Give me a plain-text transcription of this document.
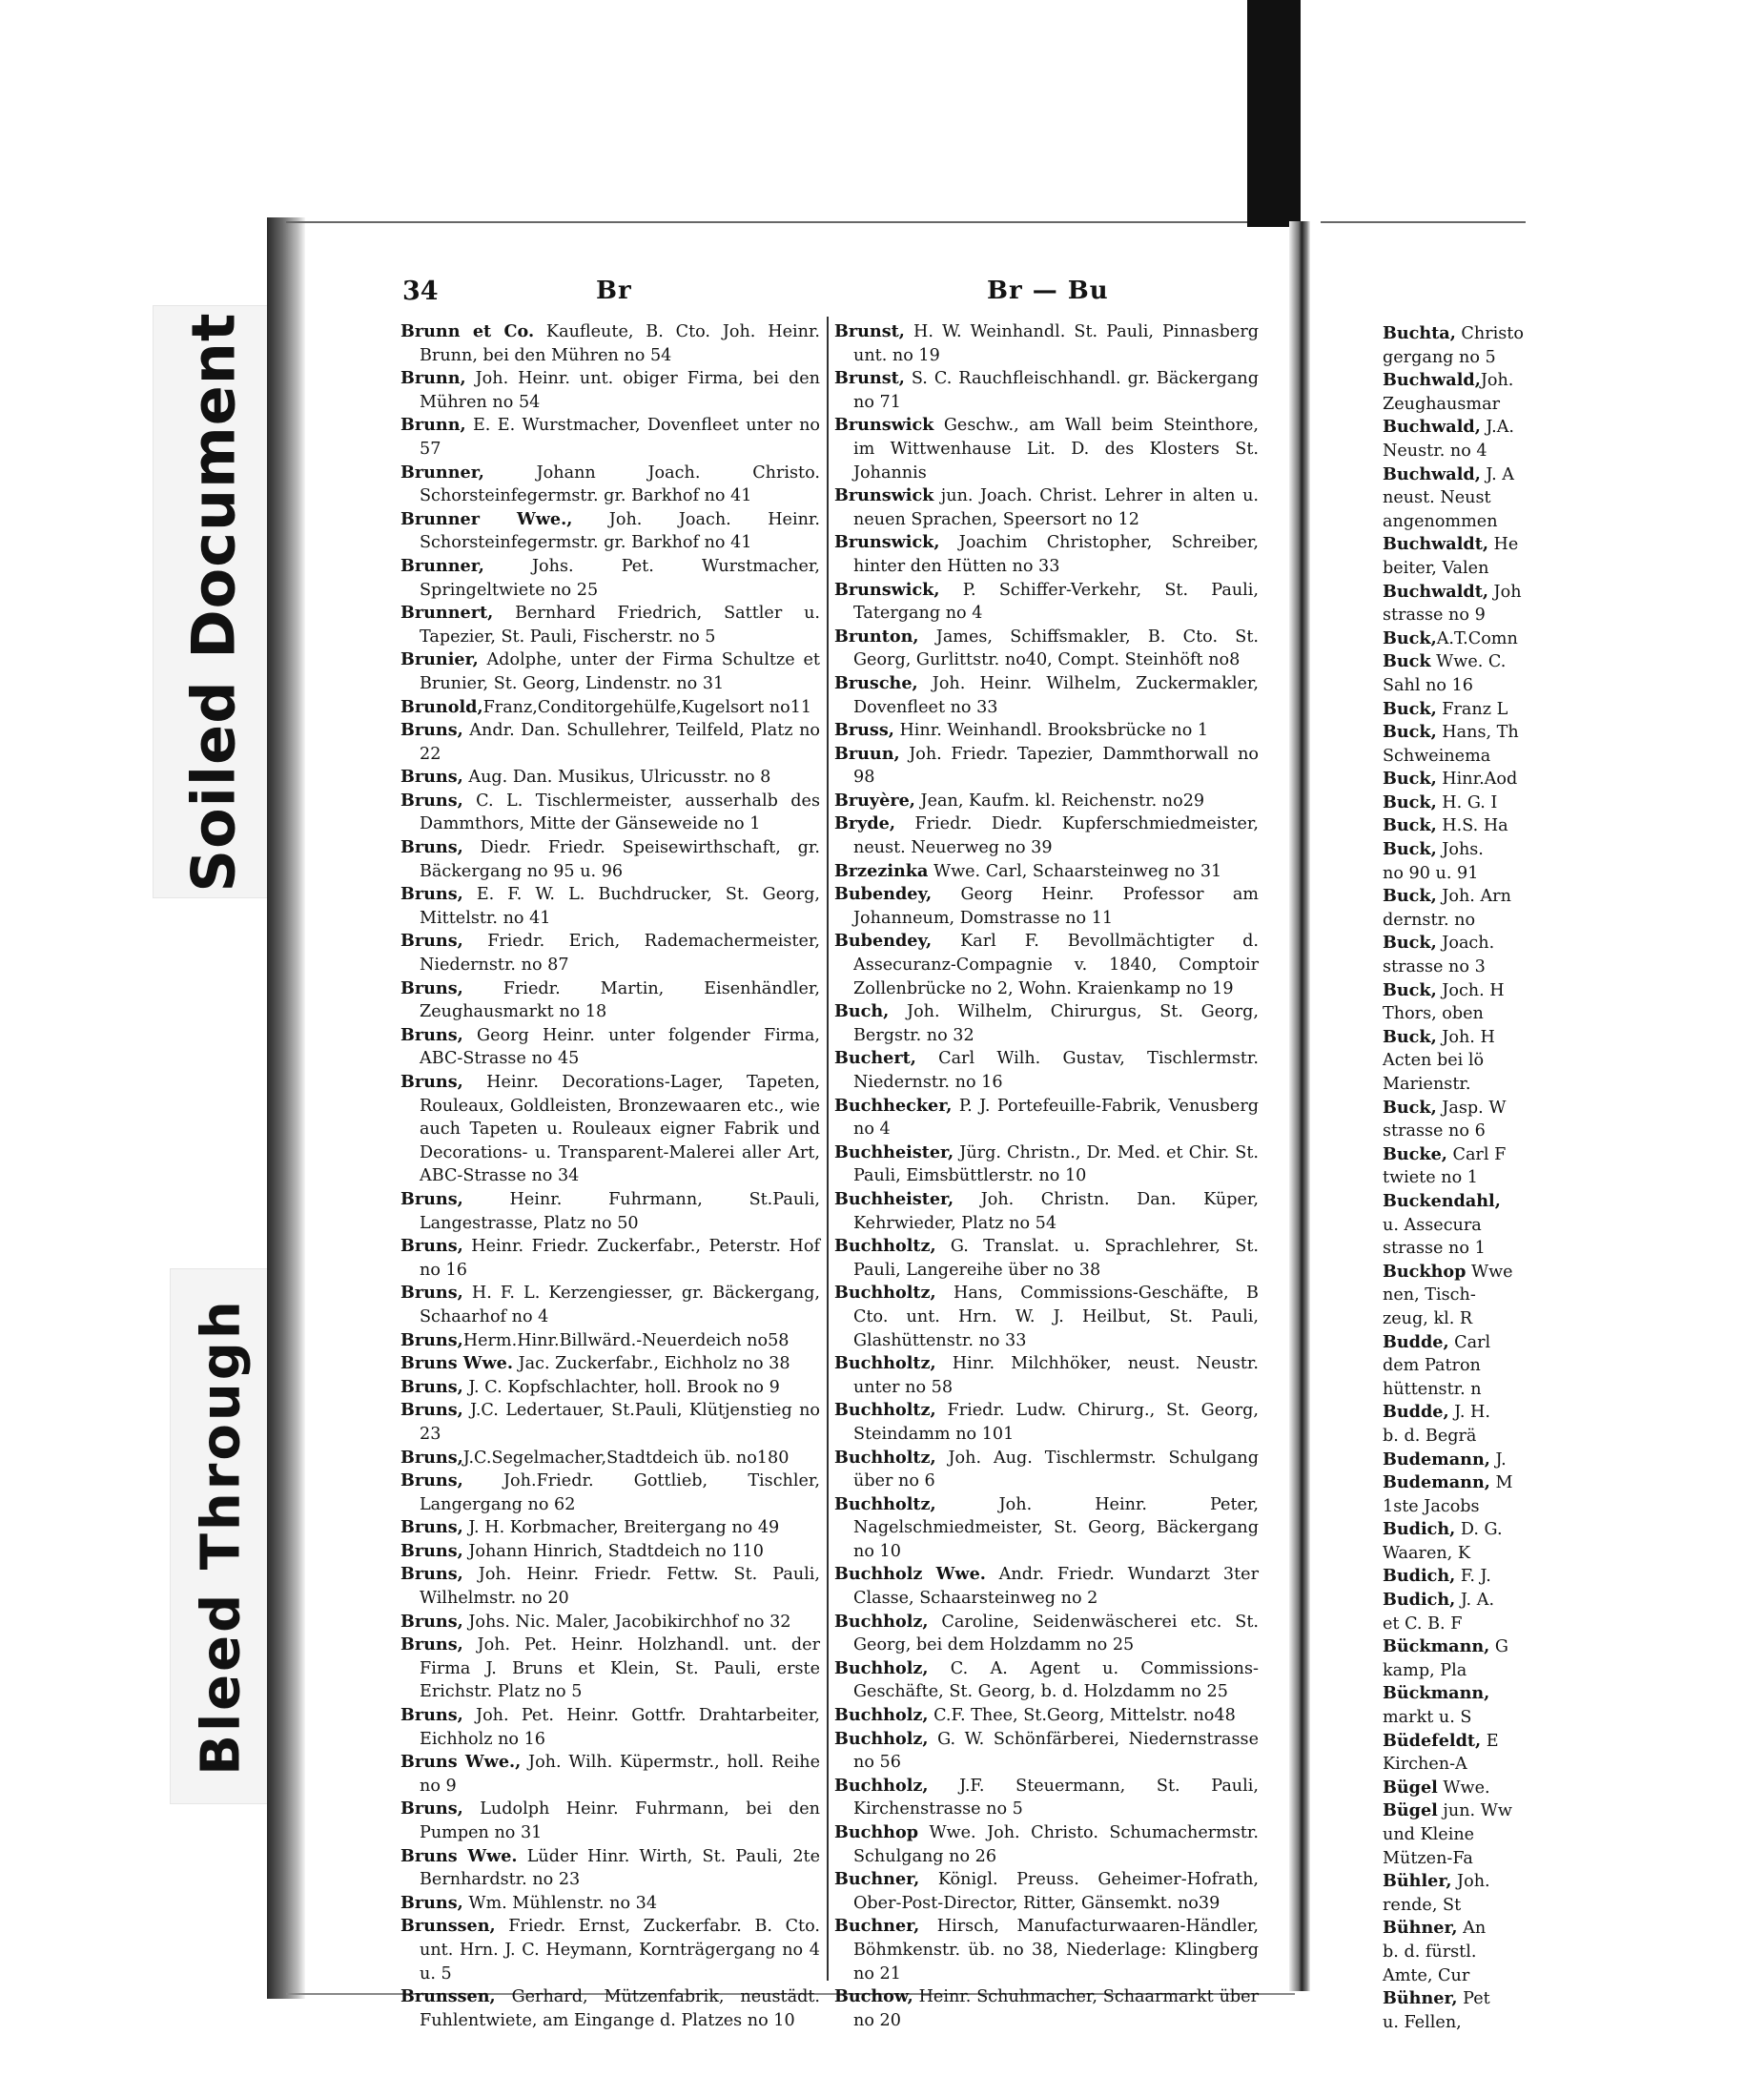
Soiled Document
Bleed Through
34	Br	Br — Bu

Brunn et Co. Kaufleute, B. Cto. Joh. Heinr. Brunn, bei den Mühren no 54

Brunn, Joh. Heinr. unt. obiger Firma, bei den Mühren no 54

Brunn, E. E. Wurstmacher, Dovenfleet unter no 57

Brunner, Johann Joach. Christo. Schorsteinfegermstr. gr. Barkhof no 41

Brunner Wwe., Joh. Joach. Heinr. Schorsteinfegermstr. gr. Barkhof no 41

Brunner, Johs. Pet. Wurstmacher, Springeltwiete no 25

Brunnert, Bernhard Friedrich, Sattler u. Tapezier, St. Pauli, Fischerstr. no 5

Brunier, Adolphe, unter der Firma Schultze et Brunier, St. Georg, Lindenstr. no 31

Brunold,Franz,Conditorgehülfe,Kugelsort no11

Bruns, Andr. Dan. Schullehrer, Teilfeld, Platz no 22

Bruns, Aug. Dan. Musikus, Ulricusstr. no 8

Bruns, C. L. Tischlermeister, ausserhalb des Dammthors, Mitte der Gänseweide no 1

Bruns, Diedr. Friedr. Speisewirthschaft, gr. Bäckergang no 95 u. 96

Bruns, E. F. W. L. Buchdrucker, St. Georg, Mittelstr. no 41

Bruns, Friedr. Erich, Rademachermeister, Niedernstr. no 87

Bruns, Friedr. Martin, Eisenhändler, Zeughausmarkt no 18

Bruns, Georg Heinr. unter folgender Firma, ABC-Strasse no 45

Bruns, Heinr. Decorations-Lager, Tapeten, Rouleaux, Goldleisten, Bronzewaaren etc., wie auch Tapeten u. Rouleaux eigner Fabrik und Decorations- u. Transparent-Malerei aller Art, ABC-Strasse no 34

Bruns, Heinr. Fuhrmann, St.Pauli, Langestrasse, Platz no 50

Bruns, Heinr. Friedr. Zuckerfabr., Peterstr. Hof no 16

Bruns, H. F. L. Kerzengiesser, gr. Bäckergang, Schaarhof no 4

Bruns,Herm.Hinr.Billwärd.-Neuerdeich no58

Bruns Wwe. Jac. Zuckerfabr., Eichholz no 38

Bruns, J. C. Kopfschlachter, holl. Brook no 9

Bruns, J.C. Ledertauer, St.Pauli, Klütjenstieg no 23

Bruns,J.C.Segelmacher,Stadtdeich üb. no180

Bruns, Joh.Friedr. Gottlieb, Tischler, Langergang no 62

Bruns, J. H. Korbmacher, Breitergang no 49

Bruns, Johann Hinrich, Stadtdeich no 110

Bruns, Joh. Heinr. Friedr. Fettw. St. Pauli, Wilhelmstr. no 20

Bruns, Johs. Nic. Maler, Jacobikirchhof no 32

Bruns, Joh. Pet. Heinr. Holzhandl. unt. der Firma J. Bruns et Klein, St. Pauli, erste Erichstr. Platz no 5

Bruns, Joh. Pet. Heinr. Gottfr. Drahtarbeiter, Eichholz no 16

Bruns Wwe., Joh. Wilh. Küpermstr., holl. Reihe no 9

Bruns, Ludolph Heinr. Fuhrmann, bei den Pumpen no 31

Bruns Wwe. Lüder Hinr. Wirth, St. Pauli, 2te Bernhardstr. no 23

Bruns, Wm. Mühlenstr. no 34

Brunssen, Friedr. Ernst, Zuckerfabr. B. Cto. unt. Hrn. J. C. Heymann, Kornträgergang no 4 u. 5

Brunssen, Gerhard, Mützenfabrik, neustädt. Fuhlentwiete, am Eingange d. Platzes no 10

Brunst, H. W. Weinhandl. St. Pauli, Pinnasberg unt. no 19

Brunst, S. C. Rauchfleischhandl. gr. Bäckergang no 71

Brunswick Geschw., am Wall beim Steinthore, im Wittwenhause Lit. D. des Klosters St. Johannis

Brunswick jun. Joach. Christ. Lehrer in alten u. neuen Sprachen, Speersort no 12

Brunswick, Joachim Christopher, Schreiber, hinter den Hütten no 33

Brunswick, P. Schiffer-Verkehr, St. Pauli, Tatergang no 4

Brunton, James, Schiffsmakler, B. Cto. St. Georg, Gurlittstr. no40, Compt. Steinhöft no8

Brusche, Joh. Heinr. Wilhelm, Zuckermakler, Dovenfleet no 33

Bruss, Hinr. Weinhandl. Brooksbrücke no 1

Bruun, Joh. Friedr. Tapezier, Dammthorwall no 98

Bruyère, Jean, Kaufm. kl. Reichenstr. no29

Bryde, Friedr. Diedr. Kupferschmiedmeister, neust. Neuerweg no 39

Brzezinka Wwe. Carl, Schaarsteinweg no 31

Bubendey, Georg Heinr. Professor am Johanneum, Domstrasse no 11

Bubendey, Karl F. Bevollmächtigter d. Assecuranz-Compagnie v. 1840, Comptoir Zollenbrücke no 2, Wohn. Kraienkamp no 19

Buch, Joh. Wilhelm, Chirurgus, St. Georg, Bergstr. no 32

Buchert, Carl Wilh. Gustav, Tischlermstr. Niedernstr. no 16

Buchhecker, P. J. Portefeuille-Fabrik, Venusberg no 4

Buchheister, Jürg. Christn., Dr. Med. et Chir. St. Pauli, Eimsbüttlerstr. no 10

Buchheister, Joh. Christn. Dan. Küper, Kehrwieder, Platz no 54

Buchholtz, G. Translat. u. Sprachlehrer, St. Pauli, Langereihe über no 38

Buchholtz, Hans, Commissions-Geschäfte, B Cto. unt. Hrn. W. J. Heilbut, St. Pauli, Glashüttenstr. no 33

Buchholtz, Hinr. Milchhöker, neust. Neustr. unter no 58

Buchholtz, Friedr. Ludw. Chirurg., St. Georg, Steindamm no 101

Buchholtz, Joh. Aug. Tischlermstr. Schulgang über no 6

Buchholtz, Joh. Heinr. Peter, Nagelschmiedmeister, St. Georg, Bäckergang no 10

Buchholz Wwe. Andr. Friedr. Wundarzt 3ter Classe, Schaarsteinweg no 2

Buchholz, Caroline, Seidenwäscherei etc. St. Georg, bei dem Holzdamm no 25

Buchholz, C. A. Agent u. Commissions-Geschäfte, St. Georg, b. d. Holzdamm no 25

Buchholz, C.F. Thee, St.Georg, Mittelstr. no48

Buchholz, G. W. Schönfärberei, Niedernstrasse no 56

Buchholz, J.F. Steuermann, St. Pauli, Kirchenstrasse no 5

Buchhop Wwe. Joh. Christo. Schumachermstr. Schulgang no 26

Buchner, Königl. Preuss. Geheimer-Hofrath, Ober-Post-Director, Ritter, Gänsemkt. no39

Buchner, Hirsch, Manufacturwaaren-Händler, Böhmkenstr. üb. no 38, Niederlage: Klingberg no 21

Buchow, Heinr. Schuhmacher, Schaarmarkt über no 20

Buchta, Christo

gergang no 5

Buchwald,Joh.

Zeughausmar

Buchwald, J.A.

Neustr. no 4

Buchwald, J. A

neust. Neust

angenommen

Buchwaldt, He

beiter, Valen

Buchwaldt, Joh

strasse no 9

Buck,A.T.Comn

Buck Wwe. C.

Sahl no 16

Buck, Franz L

Buck, Hans, Th

Schweinema

Buck, Hinr.Aod

Buck, H. G. I

Buck, H.S. Ha

Buck, Johs.

no 90 u. 91

Buck, Joh. Arn

dernstr. no

Buck, Joach.

strasse no 3

Buck, Joch. H

Thors, oben

Buck, Joh. H

Acten bei lö

Marienstr.

Buck, Jasp. W

strasse no 6

Bucke, Carl F

twiete no 1

Buckendahl,

u. Assecura

strasse no 1

Buckhop Wwe

nen, Tisch-

zeug, kl. R

Budde, Carl

dem Patron

hüttenstr. n

Budde, J. H.

b. d. Begrä

Budemann, J.

Budemann, M

1ste Jacobs

Budich, D. G.

Waaren, K

Budich, F. J.

Budich, J. A.

et C. B. F

Bückmann, G

kamp, Pla

Bückmann,

markt u. S

Büdefeldt, E

Kirchen-A

Bügel Wwe.

Bügel jun. Ww

und Kleine

Mützen-Fa

Bühler, Joh.

rende, St

Bühner, An

b. d. fürstl.

Amte, Cur

Bühner, Pet

u. Fellen,
